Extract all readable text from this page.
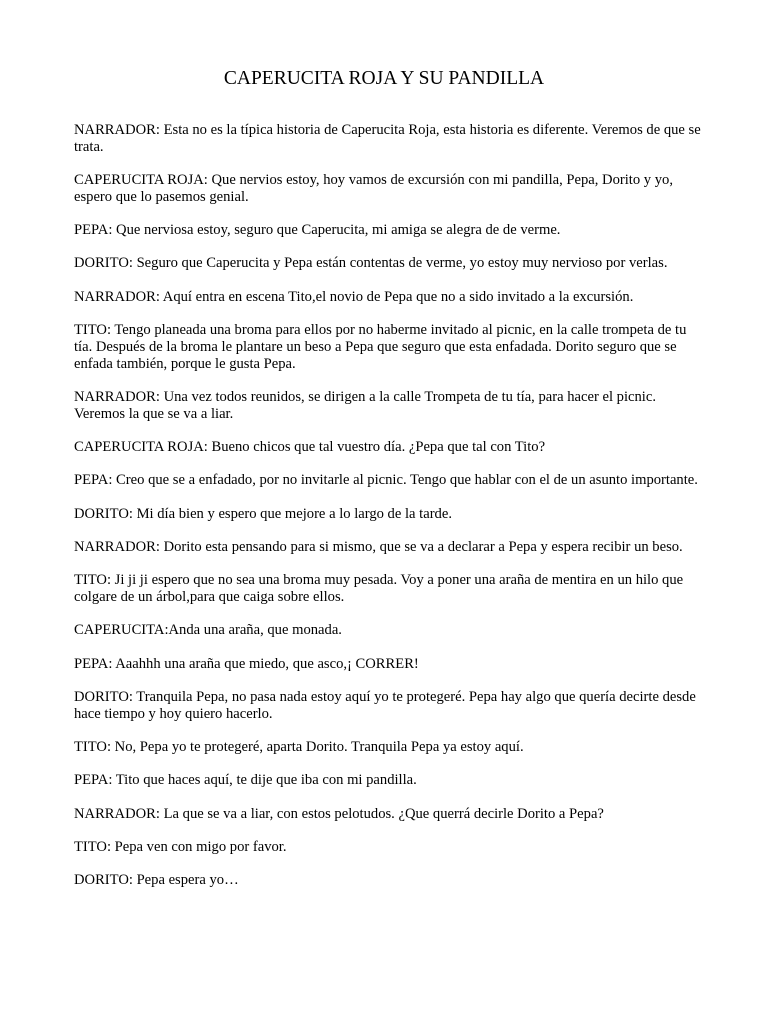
CAPERUCITA ROJA Y SU PANDILLA

NARRADOR: Esta no es la típica historia de Caperucita Roja, esta historia es diferente. Veremos de que se trata.

CAPERUCITA ROJA: Que nervios estoy, hoy vamos de excursión con mi pandilla, Pepa, Dorito y yo, espero que lo pasemos genial.

PEPA: Que nerviosa estoy, seguro que Caperucita, mi amiga se alegra de de verme.

DORITO: Seguro que Caperucita y Pepa están contentas de verme, yo estoy muy nervioso por verlas.

NARRADOR: Aquí entra en escena Tito,el novio de Pepa que no a sido invitado a la excursión.

TITO: Tengo planeada una broma para ellos por no haberme invitado al picnic, en la calle trompeta de tu tía. Después de la broma le plantare un beso a Pepa que seguro que esta enfadada. Dorito seguro que se enfada también, porque le gusta Pepa.

NARRADOR: Una vez todos reunidos, se dirigen a la calle Trompeta de tu tía, para hacer el picnic. Veremos la que se va a liar.

CAPERUCITA ROJA: Bueno chicos que tal vuestro día. ¿Pepa que tal con Tito?

PEPA: Creo que se a enfadado, por no invitarle al picnic. Tengo que hablar con el de un asunto importante.

DORITO: Mi día bien y espero que mejore a lo largo de la tarde.

NARRADOR: Dorito esta pensando para si mismo, que se va a declarar a Pepa y espera recibir un beso.

TITO: Ji ji ji espero que no sea una broma muy pesada. Voy a poner una araña de mentira en un hilo que colgare de un árbol,para que caiga sobre ellos.

CAPERUCITA:Anda una araña, que monada.

PEPA: Aaahhh una araña que miedo, que asco,¡ CORRER!

DORITO: Tranquila Pepa, no pasa nada estoy aquí yo te protegeré. Pepa hay algo que quería decirte desde hace tiempo y hoy quiero hacerlo.

TITO: No, Pepa yo te protegeré, aparta Dorito. Tranquila Pepa ya estoy aquí.

PEPA: Tito que haces aquí, te dije que iba con mi pandilla.

NARRADOR: La que se va a liar, con estos pelotudos. ¿Que querrá decirle Dorito a Pepa?

TITO: Pepa ven con migo por favor.

DORITO: Pepa espera yo…
